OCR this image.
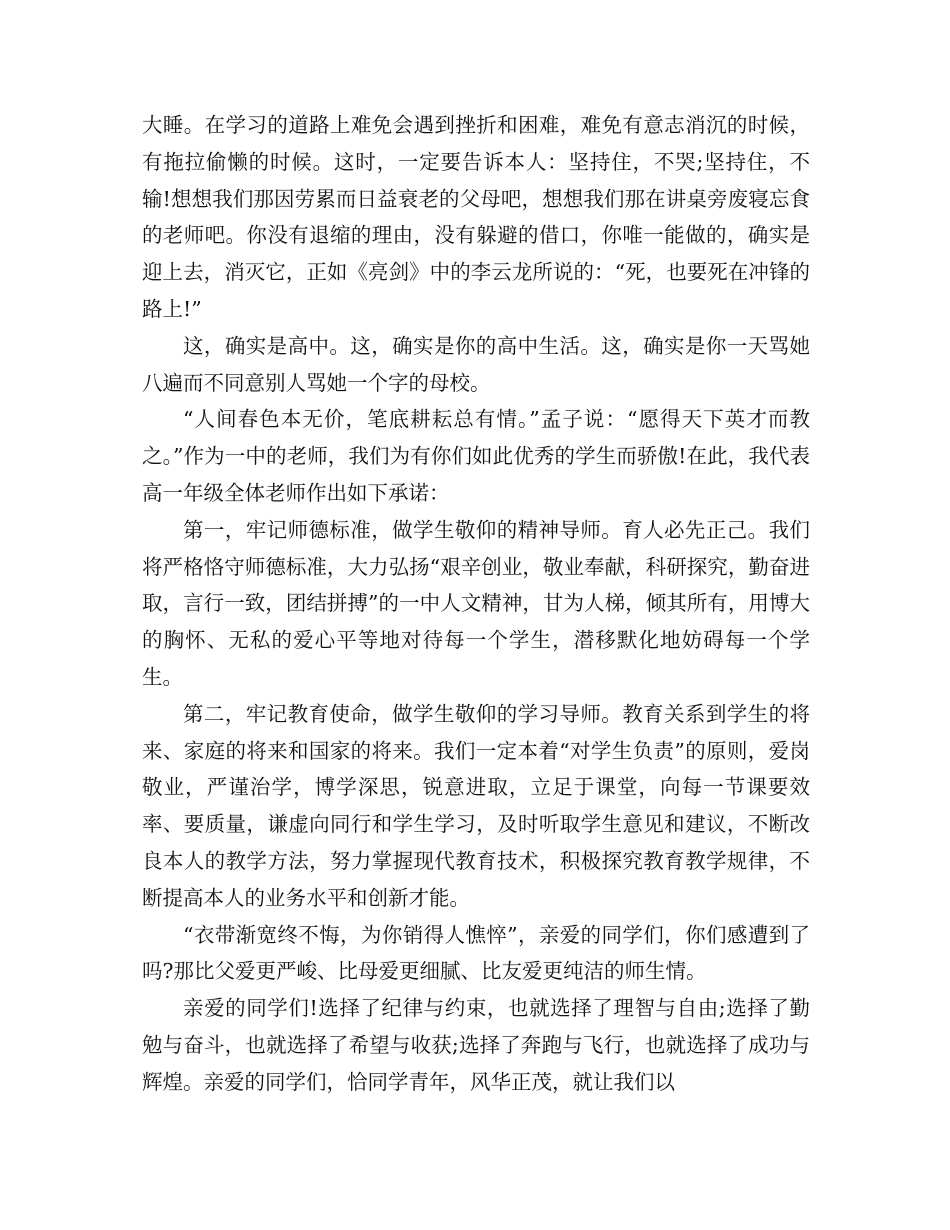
大睡。在学习的道路上难免会遇到挫折和困难，难免有意志消沉的时候，有拖拉偷懒的时候。这时，一定要告诉本人：坚持住，不哭;坚持住，不输!想想我们那因劳累而日益衰老的父母吧，想想我们那在讲桌旁废寝忘食的老师吧。你没有退缩的理由，没有躲避的借口，你唯一能做的，确实是迎上去，消灭它，正如《亮剑》中的李云龙所说的：“死，也要死在冲锋的路上!”

这，确实是高中。这，确实是你的高中生活。这，确实是你一天骂她八遍而不同意别人骂她一个字的母校。

“人间春色本无价，笔底耕耘总有情。”孟子说：“愿得天下英才而教之。”作为一中的老师，我们为有你们如此优秀的学生而骄傲!在此，我代表高一年级全体老师作出如下承诺：

第一，牢记师德标准，做学生敬仰的精神导师。育人必先正己。我们将严格恪守师德标准，大力弘扬“艰辛创业，敬业奉献，科研探究，勤奋进取，言行一致，团结拼搏”的一中人文精神，甘为人梯，倾其所有，用博大的胸怀、无私的爱心平等地对待每一个学生，潜移默化地妨碍每一个学生。

第二，牢记教育使命，做学生敬仰的学习导师。教育关系到学生的将来、家庭的将来和国家的将来。我们一定本着“对学生负责”的原则，爱岗敬业，严谨治学，博学深思，锐意进取，立足于课堂，向每一节课要效率、要质量，谦虚向同行和学生学习，及时听取学生意见和建议，不断改良本人的教学方法，努力掌握现代教育技术，积极探究教育教学规律，不断提高本人的业务水平和创新才能。

“衣带渐宽终不悔，为你销得人憔悴”，亲爱的同学们，你们感遭到了吗?那比父爱更严峻、比母爱更细腻、比友爱更纯洁的师生情。

亲爱的同学们!选择了纪律与约束，也就选择了理智与自由;选择了勤勉与奋斗，也就选择了希望与收获;选择了奔跑与飞行，也就选择了成功与辉煌。亲爱的同学们，恰同学青年，风华正茂，就让我们以
